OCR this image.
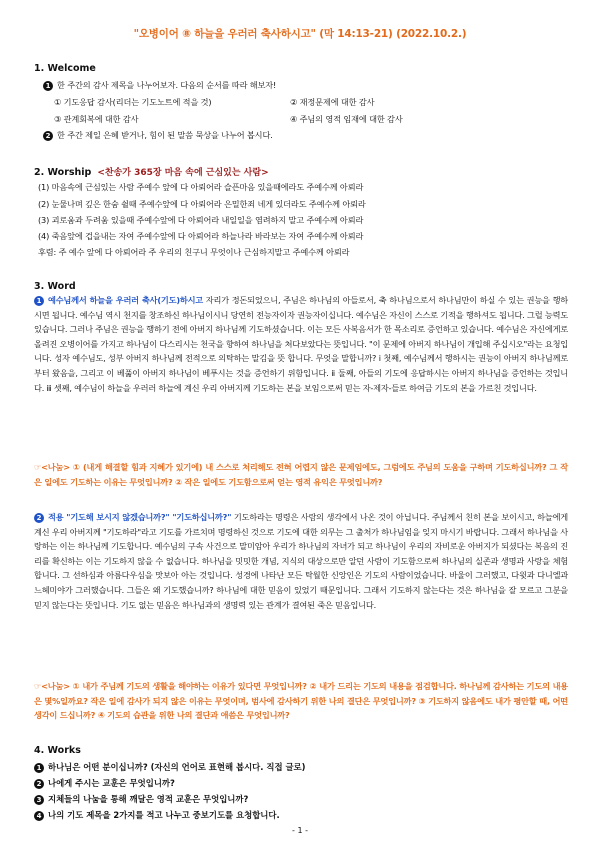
"오병이어 ⑧ 하늘을 우러러 축사하시고" (막 14:13-21) (2022.10.2.)
1. Welcome
1 한 주간의 감사 제목을 나누어보자. 다음의 순서를 따라 해보자!
① 기도응답 감사(리더는 기도노트에 적을 것)	② 재정문제에 대한 감사
③ 관계회복에 대한 감사	④ 주님의 영적 임재에 대한 감사
2 한 주간 제일 은혜 받거나, 힘이 된 말씀 묵상을 나누어 봅시다.
2. Worship <찬송가 365장 마음 속에 근심있는 사람>
(1) 마음속에 근심있는 사람 주예수 앞에 다 아뢰어라 슬픈마음 있을때에라도 주예수께 아뢰라
(2) 눈물나며 깊은 한숨 쉴때 주예수앞에 다 아뢰어라 은밀한죄 네게 있더라도 주예수께 아뢰라
(3) 괴로움과 두려움 있을때 주예수앞에 다 아뢰어라 내일일을 염려하지 말고 주예수께 아뢰라
(4) 죽음앞에 겁을내는 자여 주예수앞에 다 아뢰어라 하늘나라 바라보는 자여 주예수께 아뢰라
후렴: 주 예수 앞에 다 아뢰어라 주 우리의 친구니 무엇이나 근심하지말고 주예수께 아뢰라
3. Word

1 예수님께서 하늘을 우러러 축사(기도)하시고 자리가 정돈되었으니, 주님은 하나님의 아들로서, 축 하나님으로서 하나님만이 하실 수 있는 권능을 행하시면 됩니다. 예수님 역시 천지를 창조하신 하나님이시니 당연히 전능자이자 권능자이십니다. 예수님은 자신이 스스로 기적을 행하셔도 됩니다. 그럴 능력도 있습니다. 그러나 주님은 권능을 행하기 전에 아버지 하나님께 기도하셨습니다. 이는 모든 사복음서가 한 목소리로 증언하고 있습니다. 예수님은 자신에게로 올려진 오병이어를 가지고 하나님이 다스리시는 천국을 향하여 하나님을 쳐다보았다는 뜻입니다. "이 문제에 아버지 하나님이 개입해 주십시오"라는 요청입니다. 성자 예수님도, 성부 아버지 하나님께 전적으로 의탁하는 말김을 뜻 합니다. 무엇을 말합니까? ⅰ 첫째, 예수님께서 행하시는 권능이 아버지 하나님께로부터 왔음을, 그리고 이 베풂이 아버지 하나님이 베푸시는 것을 증언하기 위함입니다. ⅱ 둘째, 아들의 기도에 응답하시는 아버지 하나님을 증언하는 것입니다. ⅲ 셋째, 예수님이 하늘을 우러러 하늘에 계신 우리 아버지께 기도하는 본을 보임으로써 믿는 자-제자-들로 하여금 기도의 본을 가르친 것입니다.

☞<나눔> ① (내게 해결할 힘과 지혜가 있기에) 내 스스로 처리해도 전혀 어렵지 않은 문제임에도, 그럼에도 주님의 도움을 구하며 기도하십니까? 그 작은 일에도 기도하는 이유는 무엇입니까? ② 작은 일에도 기도함으로써 얻는 영적 유익은 무엇입니까?

2 적용 "기도해 보시지 않겠습니까?" "기도하십니까?" 기도하라는 명령은 사람의 생각에서 나온 것이 아닙니다. 주님께서 친히 본을 보이시고, 하늘에게 계신 우리 아버지께 "기도하라"라고 기도를 가르치며 명령하신 것으로 기도에 대한 의무는 그 출처가 하나님임을 잊지 마시기 바랍니다. 그래서 하나님을 사랑하는 이는 하나님께 기도합니다. 예수님의 구속 사건으로 말미암아 우리가 하나님의 자녀가 되고 하나님이 우리의 자비로운 아버지가 되셨다는 복음의 진리를 확신하는 이는 기도하지 않을 수 없습니다. 하나님을 밋밋한 개념, 지식의 대상으로만 알던 사람이 기도함으로써 하나님의 실존과 생명과 사랑을 체험합니다. 그 선하심과 아름다우심을 맛보아 아는 것입니다. 성경에 나타난 모든 탁월한 신앙인은 기도의 사람이었습니다. 바울이 그러했고, 다윗과 다니엘과 느헤미야가 그러했습니다. 그들은 왜 기도했습니까? 하나님에 대한 믿음이 있었기 때문입니다. 그래서 기도하지 않는다는 것은 하나님을 잘 모르고 그분을 믿지 않는다는 뜻입니다. 기도 없는 믿음은 하나님과의 생명력 있는 관계가 결여된 죽은 믿음입니다.

☞<나눔> ① 내가 주님께 기도의 생활을 해야하는 이유가 있다면 무엇입니까? ② 내가 드리는 기도의 내용을 점검합니다. 하나님께 감사하는 기도의 내용은 몇%일까요? 작은 일에 감사가 되지 않은 이유는 무엇이며, 범사에 감사하기 위한 나의 결단은 무엇입니까? ③ 기도하지 않음에도 내가 평안할 때, 어떤 생각이 드십니까? ④ 기도의 습관을 위한 나의 결단과 애씀은 무엇입니까?

4. Works
1 하나님은 어떤 분이십니까? (자신의 언어로 표현해 봅시다. 직접 글로)
2 나에게 주시는 교훈은 무엇입니까?
3 지체들의 나눔을 통해 깨달은 영적 교훈은 무엇입니까?
4 나의 기도 제목을 2가지를 적고 나누고 중보기도를 요청합니다.
- 1 -
